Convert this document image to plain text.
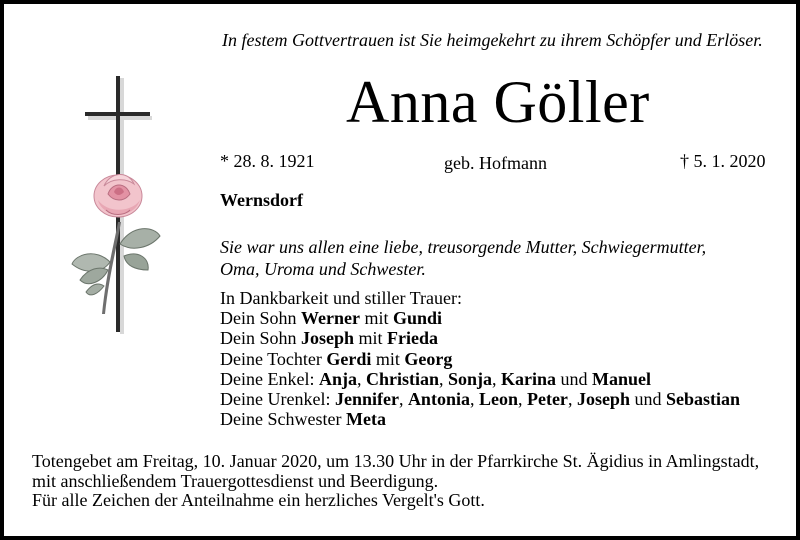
In festem Gottvertrauen ist Sie heimgekehrt zu ihrem Schöpfer und Erlöser.
Anna Göller
* 28. 8. 1921	geb. Hofmann	† 5. 1. 2020
Wernsdorf
Sie war uns allen eine liebe, treusorgende Mutter, Schwiegermutter,
Oma, Uroma und Schwester.
In Dankbarkeit und stiller Trauer:
Dein Sohn Werner mit Gundi
Dein Sohn Joseph mit Frieda
Deine Tochter Gerdi mit Georg
Deine Enkel: Anja, Christian, Sonja, Karina und Manuel
Deine Urenkel: Jennifer, Antonia, Leon, Peter, Joseph und Sebastian
Deine Schwester Meta
Totengebet am Freitag, 10. Januar 2020, um 13.30 Uhr in der Pfarrkirche St. Ägidius in Amlingstadt,
mit anschließendem Trauergottesdienst und Beerdigung.
Für alle Zeichen der Anteilnahme ein herzliches Vergelt's Gott.
